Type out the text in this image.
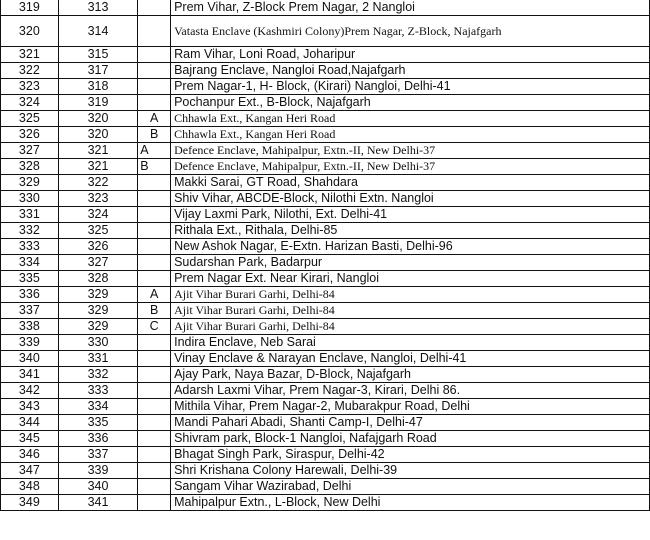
319	313		Prem Vihar, Z-Block Prem Nagar, 2 Nangloi
320	314		Vatasta Enclave (Kashmiri Colony)Prem Nagar, Z-Block, Najafgarh
321	315		Ram Vihar, Loni Road, Joharipur
322	317		Bajrang Enclave, Nangloi Road,Najafgarh
323	318		Prem Nagar-1, H- Block, (Kirari) Nangloi, Delhi-41
324	319		Pochanpur Ext., B-Block, Najafgarh
325	320	A	Chhawla Ext., Kangan Heri Road
326	320	B	Chhawla Ext., Kangan Heri Road
327	321	A	Defence Enclave, Mahipalpur, Extn.-II, New Delhi-37
328	321	B	Defence Enclave, Mahipalpur, Extn.-II, New Delhi-37
329	322		Makki Sarai, GT Road, Shahdara
330	323		Shiv Vihar, ABCDE-Block, Nilothi Extn. Nangloi
331	324		Vijay Laxmi Park, Nilothi, Ext. Delhi-41
332	325		Rithala Ext., Rithala, Delhi-85
333	326		New Ashok Nagar, E-Extn. Harizan Basti, Delhi-96
334	327		Sudarshan Park, Badarpur
335	328		Prem Nagar Ext. Near Kirari, Nangloi
336	329	A	Ajit Vihar Burari Garhi, Delhi-84
337	329	B	Ajit Vihar Burari Garhi, Delhi-84
338	329	C	Ajit Vihar Burari Garhi, Delhi-84
339	330		Indira Enclave, Neb Sarai
340	331		Vinay Enclave & Narayan Enclave, Nangloi, Delhi-41
341	332		Ajay Park, Naya Bazar, D-Block, Najafgarh
342	333		Adarsh Laxmi Vihar, Prem Nagar-3, Kirari, Delhi 86.
343	334		Mithila Vihar, Prem Nagar-2, Mubarakpur Road, Delhi
344	335		Mandi Pahari Abadi, Shanti Camp-I, Delhi-47
345	336		Shivram park, Block-1 Nangloi, Nafajgarh Road
346	337		Bhagat Singh Park, Siraspur, Delhi-42
347	339		Shri Krishana Colony Harewali, Delhi-39
348	340		Sangam Vihar Wazirabad, Delhi
349	341		Mahipalpur Extn., L-Block, New Delhi
